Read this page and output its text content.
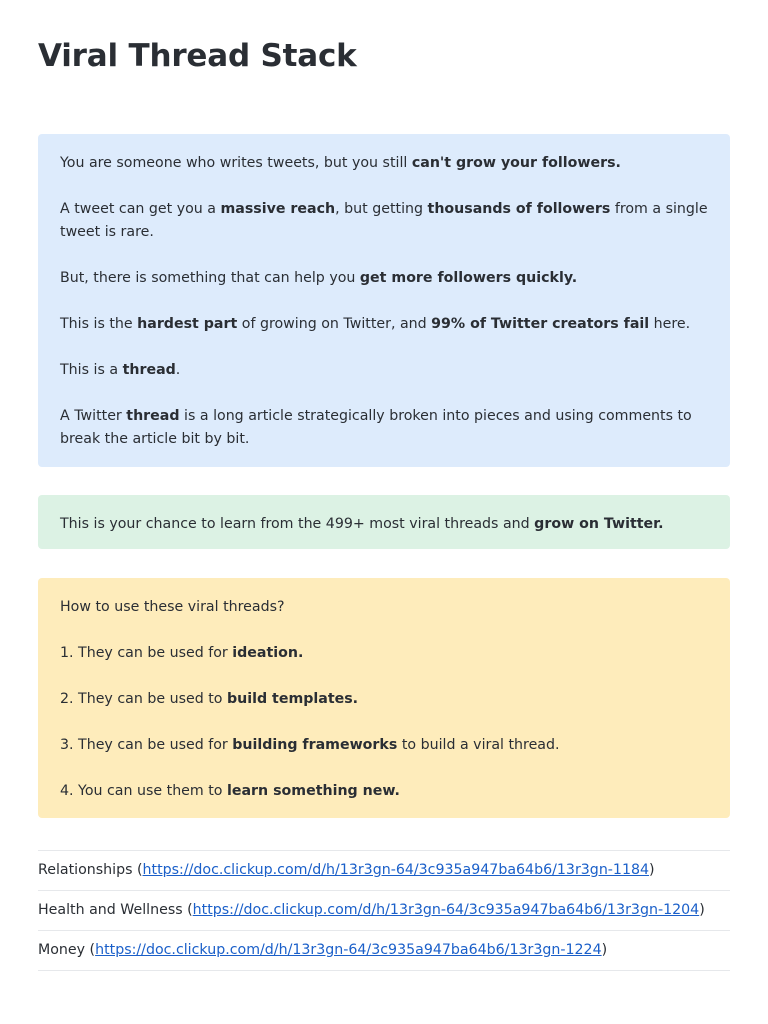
Viral Thread Stack

You are someone who writes tweets, but you still can't grow your followers.

A tweet can get you a massive reach, but getting thousands of followers from a single tweet is rare.

But, there is something that can help you get more followers quickly.

This is the hardest part of growing on Twitter, and 99% of Twitter creators fail here.

This is a thread.

A Twitter thread is a long article strategically broken into pieces and using comments to break the article bit by bit.

This is your chance to learn from the 499+ most viral threads and grow on Twitter.

How to use these viral threads?

1. They can be used for ideation.

2. They can be used to build templates.

3. They can be used for building frameworks to build a viral thread.

4. You can use them to learn something new.

Relationships (https://doc.clickup.com/d/h/13r3gn-64/3c935a947ba64b6/13r3gn-1184)
Health and Wellness (https://doc.clickup.com/d/h/13r3gn-64/3c935a947ba64b6/13r3gn-1204)
Money (https://doc.clickup.com/d/h/13r3gn-64/3c935a947ba64b6/13r3gn-1224)
